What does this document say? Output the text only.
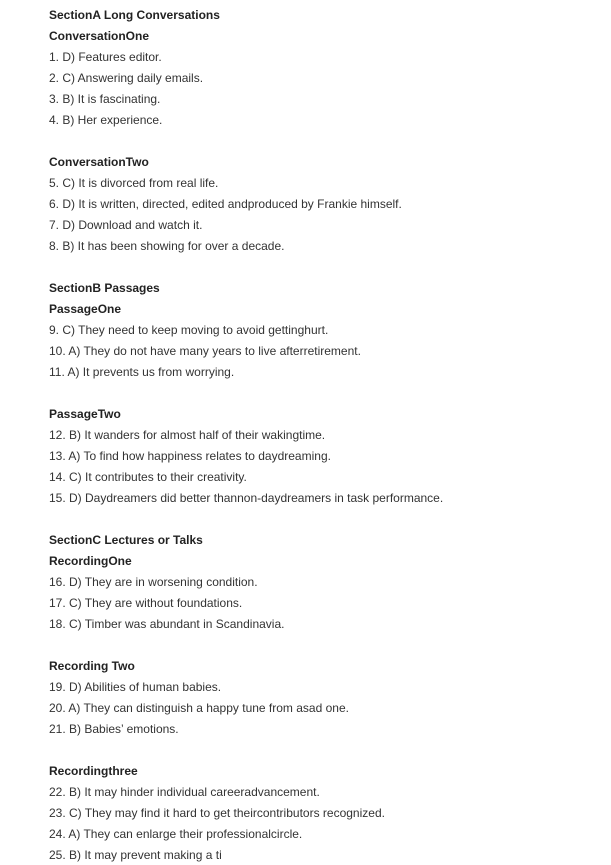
SectionA Long Conversations
ConversationOne
1. D) Features editor.
2. C) Answering daily emails.
3. B) It is fascinating.
4. B) Her experience.
ConversationTwo
5. C) It is divorced from real life.
6. D) It is written, directed, edited andproduced by Frankie himself.
7. D) Download and watch it.
8. B) It has been showing for over a decade.
SectionB Passages
PassageOne
9. C) They need to keep moving to avoid gettinghurt.
10. A) They do not have many years to live afterretirement.
11. A) It prevents us from worrying.
PassageTwo
12. B) It wanders for almost half of their wakingtime.
13. A) To find how happiness relates to daydreaming.
14. C) It contributes to their creativity.
15. D) Daydreamers did better thannon-daydreamers in task performance.
SectionC Lectures or Talks
RecordingOne
16. D) They are in worsening condition.
17. C) They are without foundations.
18. C) Timber was abundant in Scandinavia.
Recording Two
19. D) Abilities of human babies.
20. A) They can distinguish a happy tune from asad one.
21. B) Babies’ emotions.
Recordingthree
22. B) It may hinder individual careeradvancement.
23. C) They may find it hard to get theircontributors recognized.
24. A) They can enlarge their professionalcircle.
25. B) It may prevent making a ti
